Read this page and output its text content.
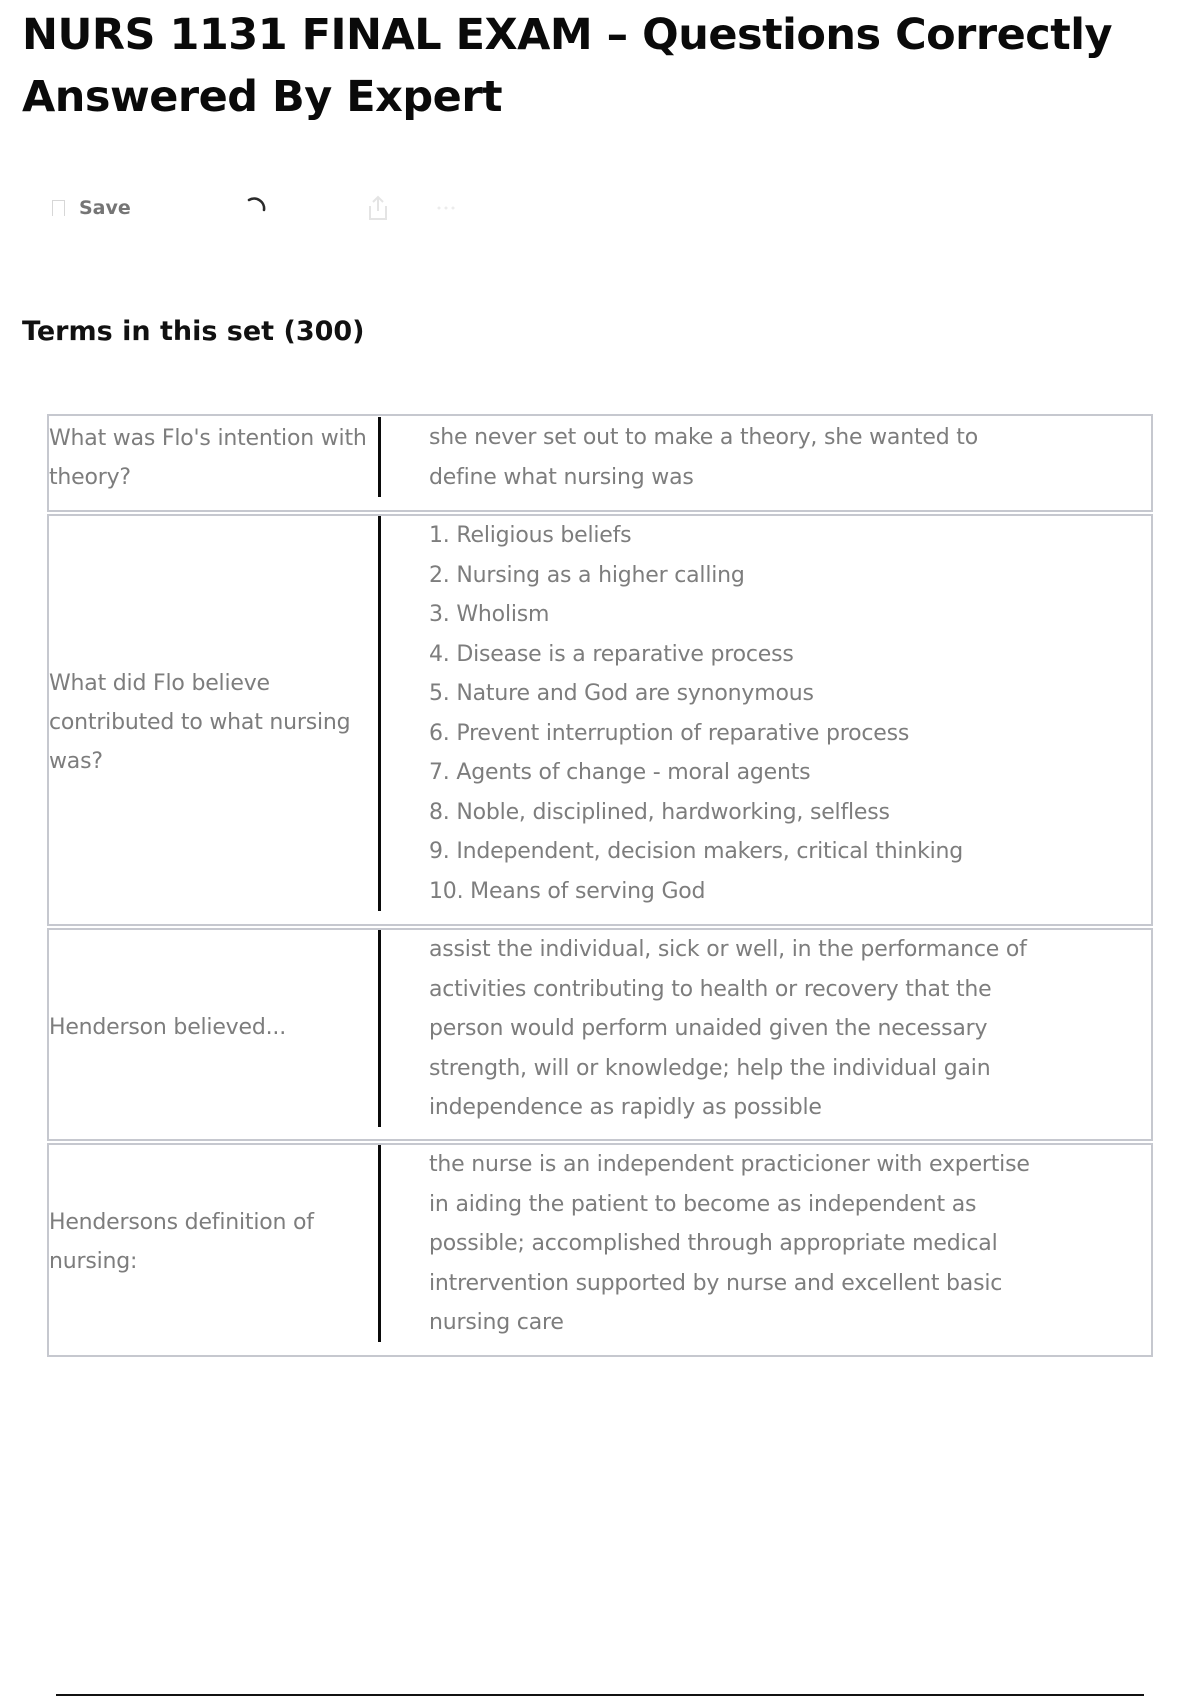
NURS 1131 FINAL EXAM – Questions Correctly Answered By Expert
Save
Terms in this set (300)
What was Flo's intention with theory?
she never set out to make a theory, she wanted to
define what nursing was
What did Flo believe contributed to what nursing was?
1. Religious beliefs
2. Nursing as a higher calling
3. Wholism
4. Disease is a reparative process
5. Nature and God are synonymous
6. Prevent interruption of reparative process
7. Agents of change - moral agents
8. Noble, disciplined, hardworking, selfless
9. Independent, decision makers, critical thinking
10. Means of serving God
Henderson believed...
assist the individual, sick or well, in the performance of
activities contributing to health or recovery that the
person would perform unaided given the necessary
strength, will or knowledge; help the individual gain
independence as rapidly as possible
Hendersons definition of nursing:
the nurse is an independent practicioner with expertise
in aiding the patient to become as independent as
possible; accomplished through appropriate medical
intrervention supported by nurse and excellent basic
nursing care
